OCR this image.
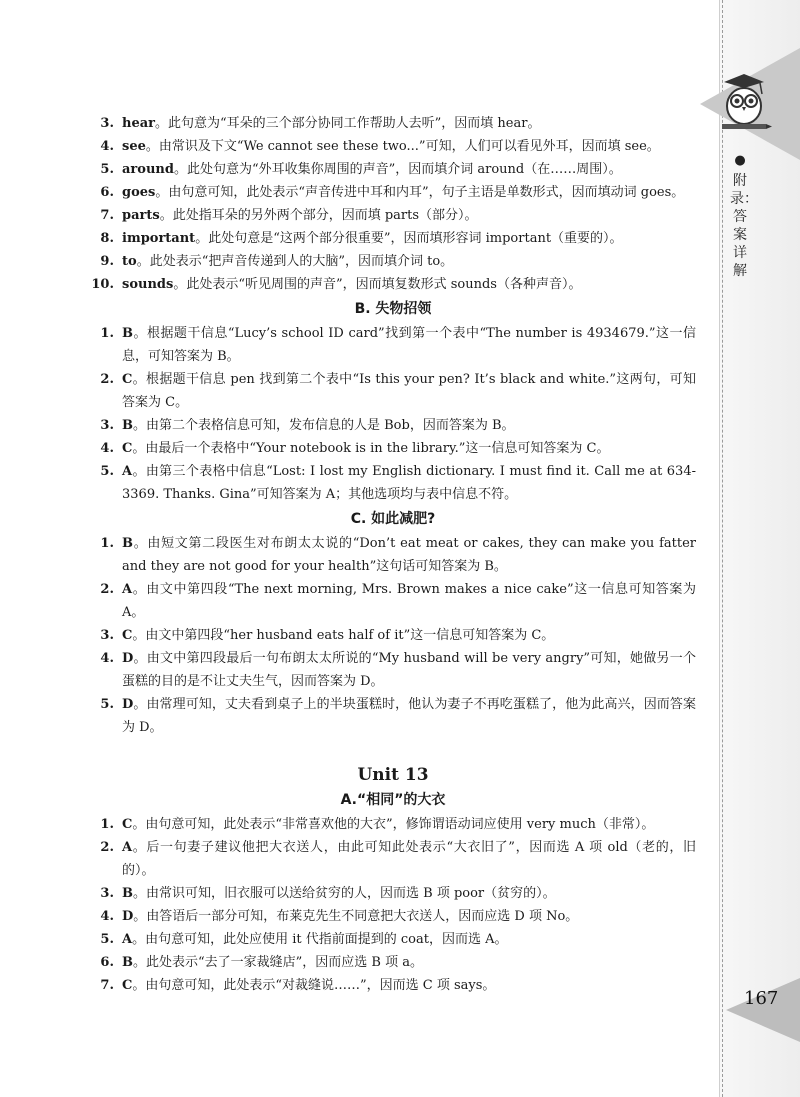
●
附录：答案详解
167

3. hear。此句意为“耳朵的三个部分协同工作帮助人去听”，因而填 hear。

4. see。由常识及下文“We cannot see these two...”可知，人们可以看见外耳，因而填 see。

5. around。此处句意为“外耳收集你周围的声音”，因而填介词 around（在……周围）。

6. goes。由句意可知，此处表示“声音传进中耳和内耳”，句子主语是单数形式，因而填动词 goes。

7. parts。此处指耳朵的另外两个部分，因而填 parts（部分）。

8. important。此处句意是“这两个部分很重要”，因而填形容词 important（重要的）。

9. to。此处表示“把声音传递到人的大脑”，因而填介词 to。

10. sounds。此处表示“听见周围的声音”，因而填复数形式 sounds（各种声音）。

B. 失物招领

1. B。根据题干信息“Lucy’s school ID card”找到第一个表中“The number is 4934679.”这一信息，可知答案为 B。

2. C。根据题干信息 pen 找到第二个表中“Is this your pen? It’s black and white.”这两句，可知答案为 C。

3. B。由第二个表格信息可知，发布信息的人是 Bob，因而答案为 B。

4. C。由最后一个表格中“Your notebook is in the library.”这一信息可知答案为 C。

5. A。由第三个表格中信息“Lost: I lost my English dictionary. I must find it. Call me at 634-3369. Thanks. Gina”可知答案为 A；其他选项均与表中信息不符。

C. 如此减肥?

1. B。由短文第二段医生对布朗太太说的“Don’t eat meat or cakes, they can make you fatter and they are not good for your health”这句话可知答案为 B。

2. A。由文中第四段“The next morning, Mrs. Brown makes a nice cake”这一信息可知答案为 A。

3. C。由文中第四段“her husband eats half of it”这一信息可知答案为 C。

4. D。由文中第四段最后一句布朗太太所说的“My husband will be very angry”可知，她做另一个蛋糕的目的是不让丈夫生气，因而答案为 D。

5. D。由常理可知，丈夫看到桌子上的半块蛋糕时，他认为妻子不再吃蛋糕了，他为此高兴，因而答案为 D。

Unit 13

A.“相同”的大衣

1. C。由句意可知，此处表示“非常喜欢他的大衣”，修饰谓语动词应使用 very much（非常）。

2. A。后一句妻子建议他把大衣送人，由此可知此处表示“大衣旧了”，因而选 A 项 old（老的，旧的）。

3. B。由常识可知，旧衣服可以送给贫穷的人，因而选 B 项 poor（贫穷的）。

4. D。由答语后一部分可知，布莱克先生不同意把大衣送人，因而应选 D 项 No。

5. A。由句意可知，此处应使用 it 代指前面提到的 coat，因而选 A。

6. B。此处表示“去了一家裁缝店”，因而应选 B 项 a。

7. C。由句意可知，此处表示“对裁缝说……”，因而选 C 项 says。
